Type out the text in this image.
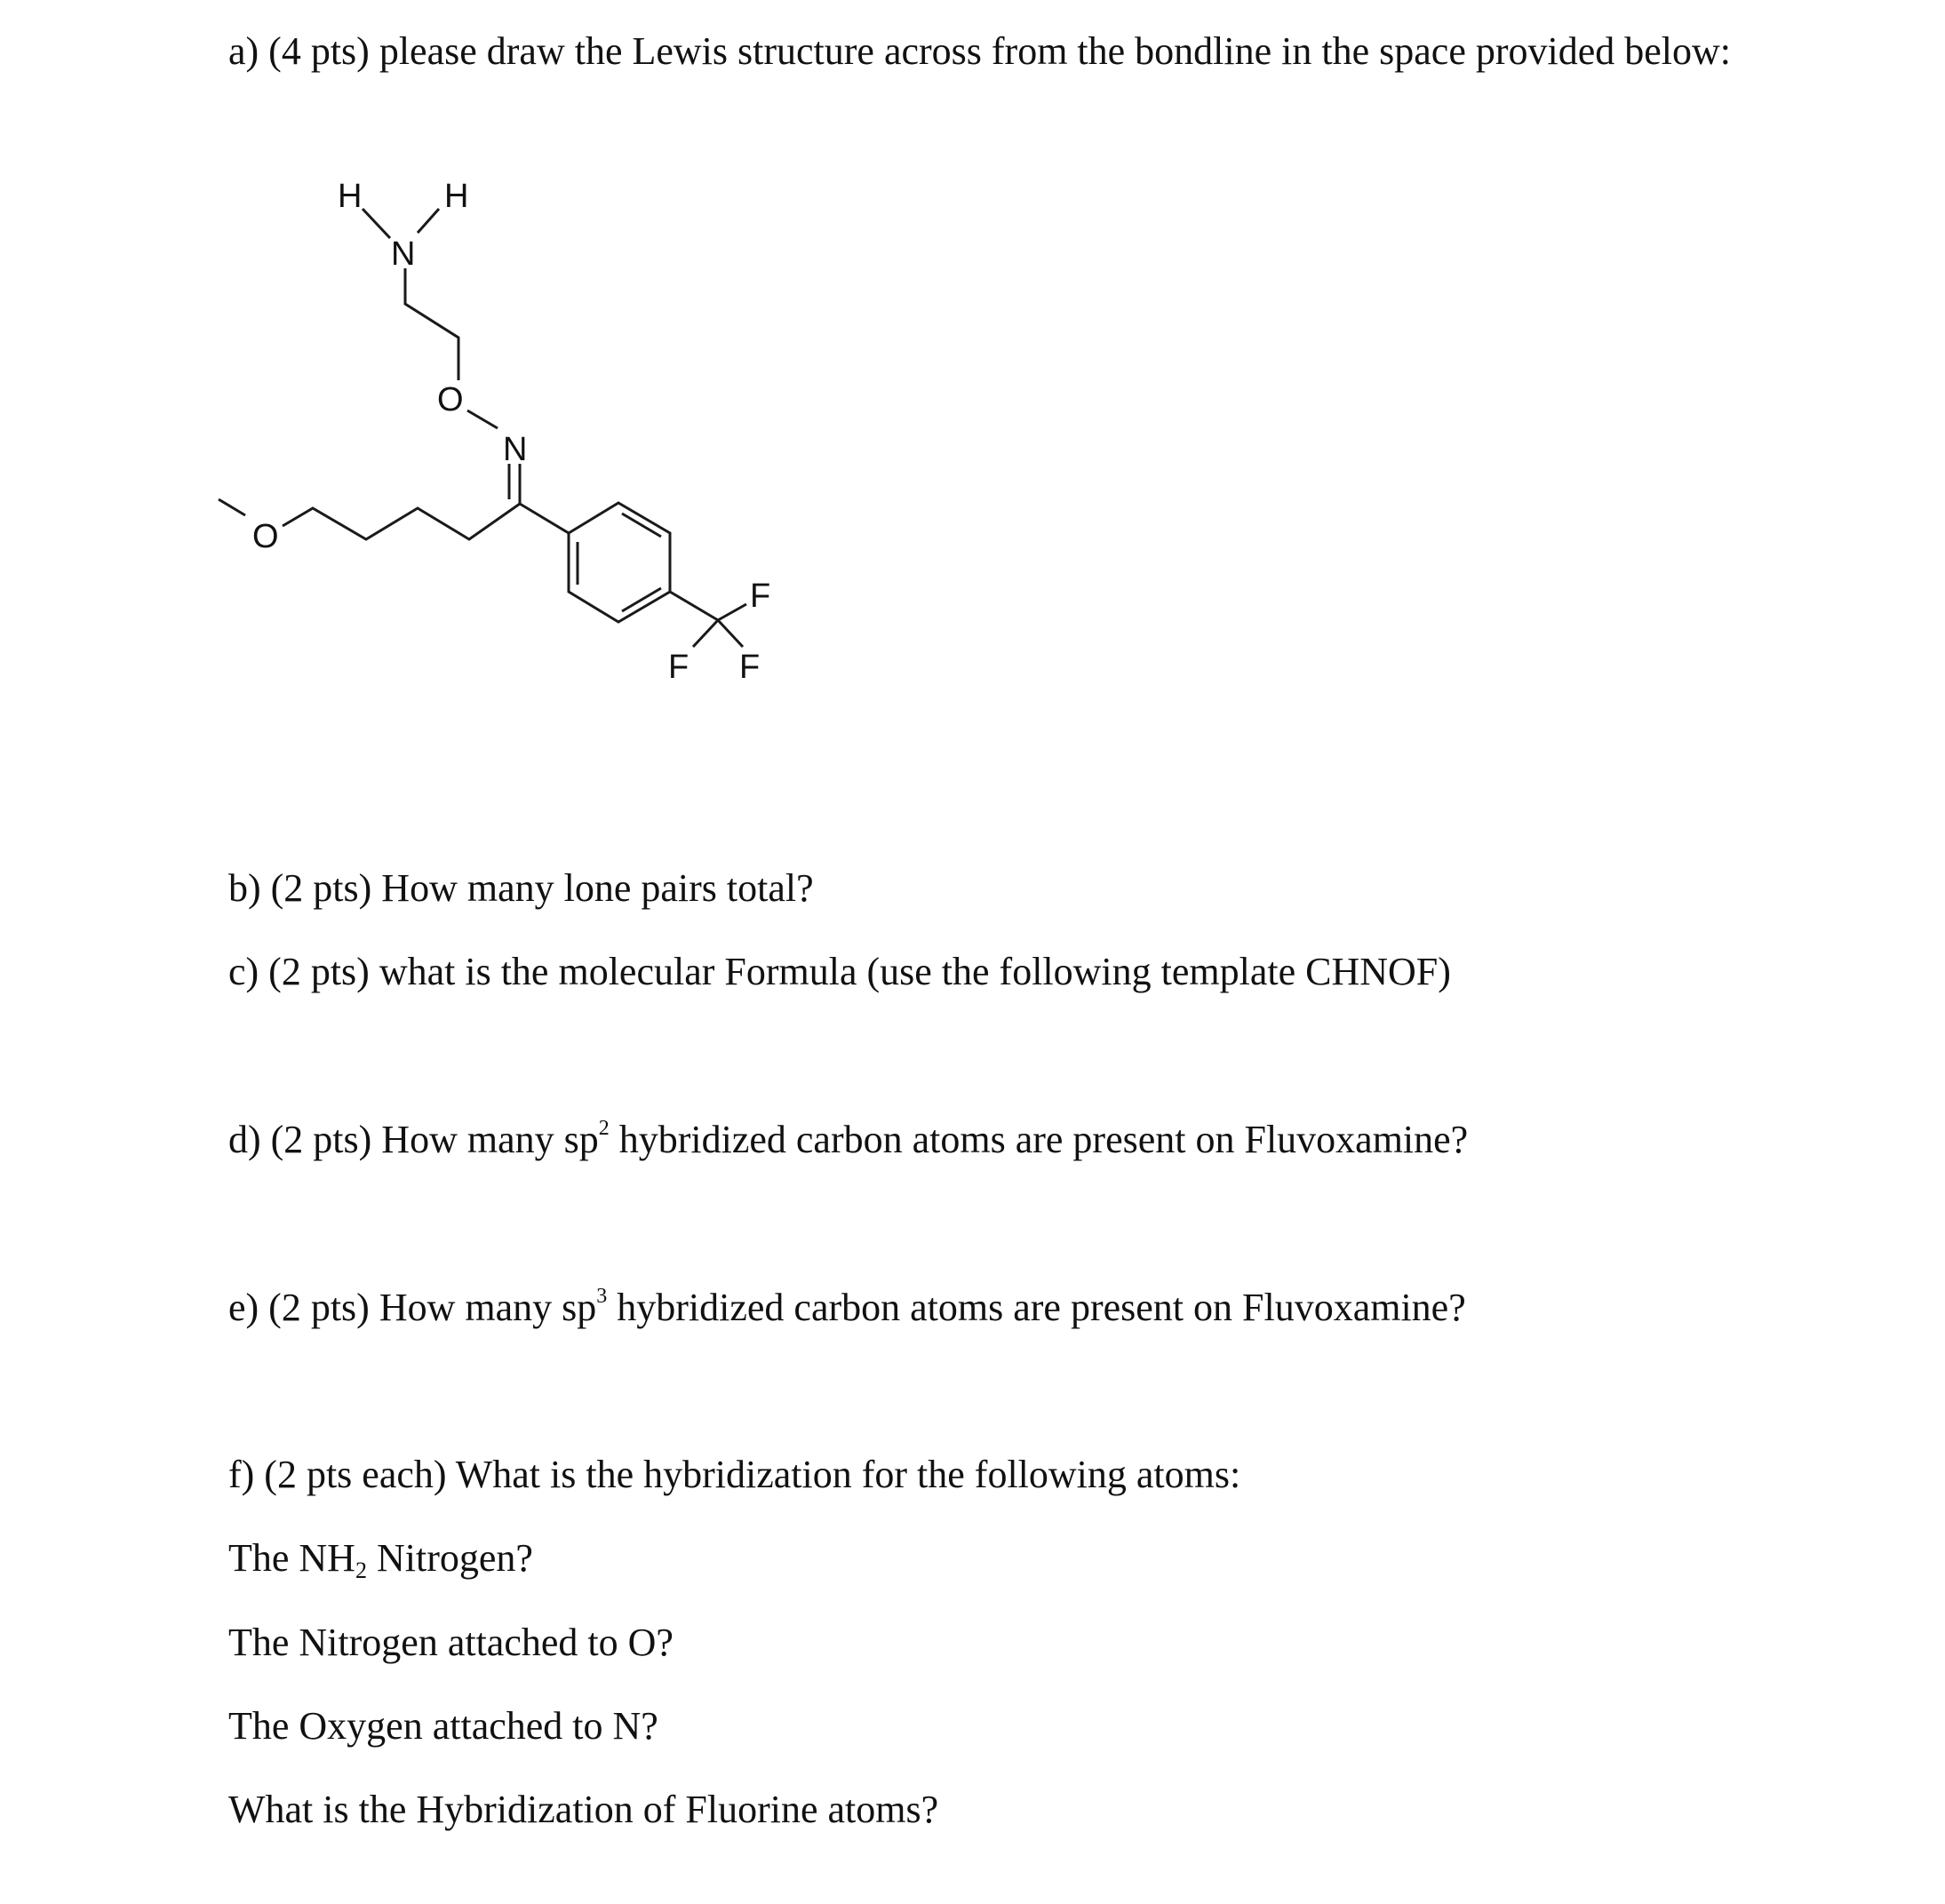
a) (4 pts) please draw the Lewis structure across from the bondline in the space provided below:

H H
N
O
N
O
F
F F

b) (2 pts) How many lone pairs total?

c) (2 pts) what is the molecular Formula (use the following template CHNOF)

d) (2 pts) How many $sp^2$ hybridized carbon atoms are present on Fluvoxamine?

e) (2 pts) How many $sp^3$ hybridized carbon atoms are present on Fluvoxamine?

f) (2 pts each) What is the hybridization for the following atoms:

The $NH_2$ Nitrogen?

The Nitrogen attached to O?

The Oxygen attached to N?

What is the Hybridization of Fluorine atoms?
